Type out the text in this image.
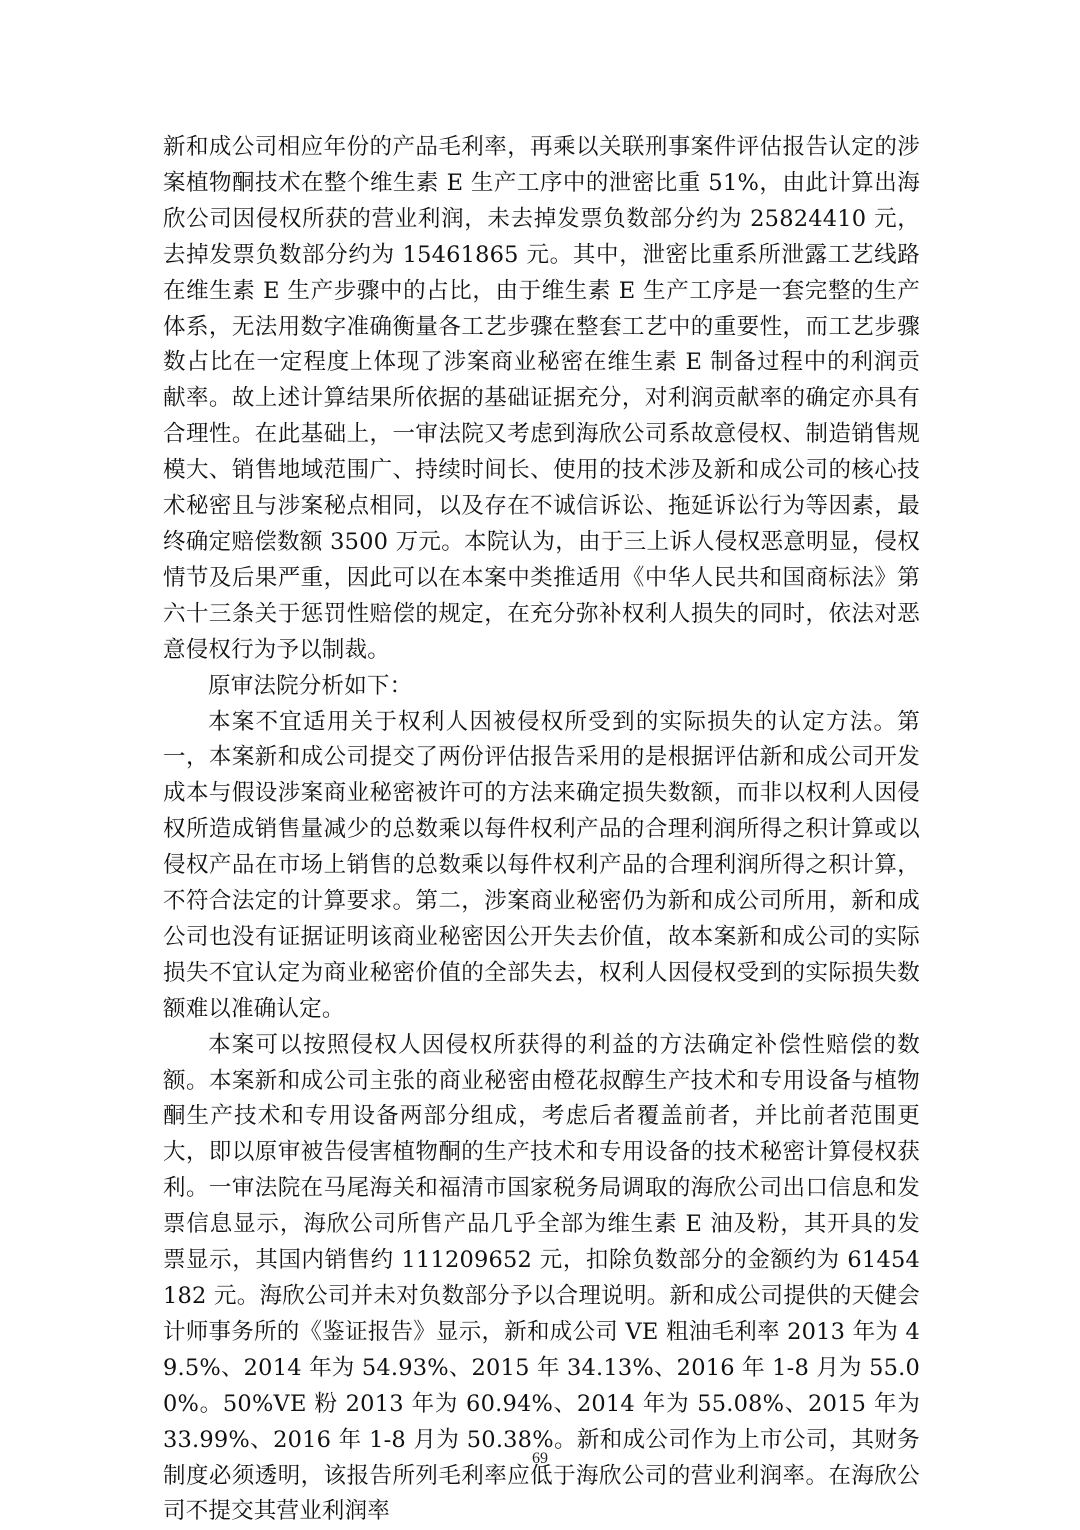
新和成公司相应年份的产品毛利率，再乘以关联刑事案件评估报告认定的涉案植物酮技术在整个维生素 E 生产工序中的泄密比重 51%，由此计算出海欣公司因侵权所获的营业利润，未去掉发票负数部分约为 25824410 元，去掉发票负数部分约为 15461865 元。其中，泄密比重系所泄露工艺线路在维生素 E 生产步骤中的占比，由于维生素 E 生产工序是一套完整的生产体系，无法用数字准确衡量各工艺步骤在整套工艺中的重要性，而工艺步骤数占比在一定程度上体现了涉案商业秘密在维生素 E 制备过程中的利润贡献率。故上述计算结果所依据的基础证据充分，对利润贡献率的确定亦具有合理性。在此基础上，一审法院又考虑到海欣公司系故意侵权、制造销售规模大、销售地域范围广、持续时间长、使用的技术涉及新和成公司的核心技术秘密且与涉案秘点相同，以及存在不诚信诉讼、拖延诉讼行为等因素，最终确定赔偿数额 3500 万元。本院认为，由于三上诉人侵权恶意明显，侵权情节及后果严重，因此可以在本案中类推适用《中华人民共和国商标法》第六十三条关于惩罚性赔偿的规定，在充分弥补权利人损失的同时，依法对恶意侵权行为予以制裁。

原审法院分析如下：

本案不宜适用关于权利人因被侵权所受到的实际损失的认定方法。第一，本案新和成公司提交了两份评估报告采用的是根据评估新和成公司开发成本与假设涉案商业秘密被许可的方法来确定损失数额，而非以权利人因侵权所造成销售量减少的总数乘以每件权利产品的合理利润所得之积计算或以侵权产品在市场上销售的总数乘以每件权利产品的合理利润所得之积计算，不符合法定的计算要求。第二，涉案商业秘密仍为新和成公司所用，新和成公司也没有证据证明该商业秘密因公开失去价值，故本案新和成公司的实际损失不宜认定为商业秘密价值的全部失去，权利人因侵权受到的实际损失数额难以准确认定。

本案可以按照侵权人因侵权所获得的利益的方法确定补偿性赔偿的数额。本案新和成公司主张的商业秘密由橙花叔醇生产技术和专用设备与植物酮生产技术和专用设备两部分组成，考虑后者覆盖前者，并比前者范围更大，即以原审被告侵害植物酮的生产技术和专用设备的技术秘密计算侵权获利。一审法院在马尾海关和福清市国家税务局调取的海欣公司出口信息和发票信息显示，海欣公司所售产品几乎全部为维生素 E 油及粉，其开具的发票显示，其国内销售约 111209652 元，扣除负数部分的金额约为 61454182 元。海欣公司并未对负数部分予以合理说明。新和成公司提供的天健会计师事务所的《鉴证报告》显示，新和成公司 VE 粗油毛利率 2013 年为 49.5%、2014 年为 54.93%、2015 年 34.13%、2016 年 1-8 月为 55.00%。50%VE 粉 2013 年为 60.94%、2014 年为 55.08%、2015 年为 33.99%、2016 年 1-8 月为 50.38%。新和成公司作为上市公司，其财务制度必须透明，该报告所列毛利率应低于海欣公司的营业利润率。在海欣公司不提交其营业利润率

69
